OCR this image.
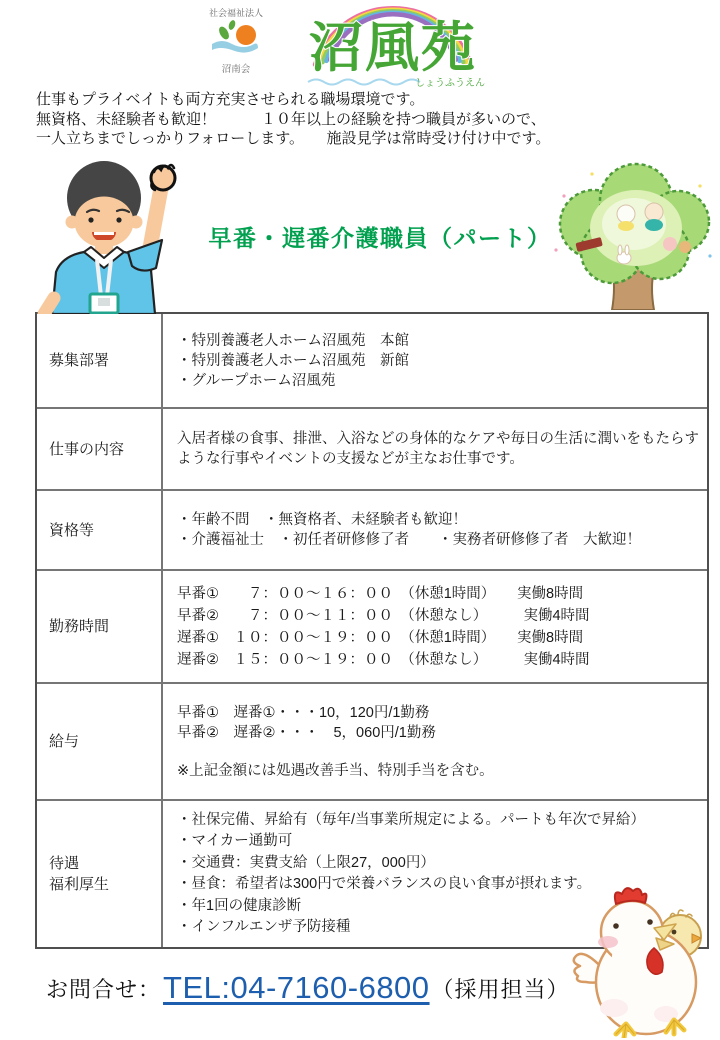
社会福祉法人
沼南会 沼風苑
しょうふうえん
仕事もプライベイトも両方充実させられる職場環境です。
無資格、未経験者も歓迎！　　　１０年以上の経験を持つ職員が多いので、
一人立ちまでしっかりフォローします。　　施設見学は常時受け付け中です。
早番・遅番介護職員（パート）
募集部署
・特別養護老人ホーム沼風苑　本館
・特別養護老人ホーム沼風苑　新館
・グループホーム沼風苑
仕事の内容
入居者様の食事、排泄、入浴などの身体的なケアや毎日の生活に潤いをもたらす
ような行事やイベントの支援などが主なお仕事です。
資格等
・年齢不問　・無資格者、未経験者も歓迎！
・介護福祉士　・初任者研修修了者　　・実務者研修修了者　大歓迎！
勤務時間
早番①　　７：００～１６：００　（休憩1時間）　　実働8時間
早番②　　７：００～１１：００　（休憩なし）　　　実働4時間
遅番①　１０：００～１９：００　（休憩1時間）　　実働8時間
遅番②　１５：００～１９：００　（休憩なし）　　　実働4時間
給与
早番①　遅番①・・・10，120円/1勤務
早番②　遅番②・・・　5，060円/1勤務
※上記金額には処遇改善手当、特別手当を含む。
待遇
福利厚生
・社保完備、昇給有（毎年/当事業所規定による。パートも年次で昇給）
・マイカー通勤可
・交通費：実費支給（上限27，000円）
・昼食：希望者は300円で栄養バランスの良い食事が摂れます。
・年1回の健康診断
・インフルエンザ予防接種
お問合せ： TEL:04-7160-6800 （採用担当）
